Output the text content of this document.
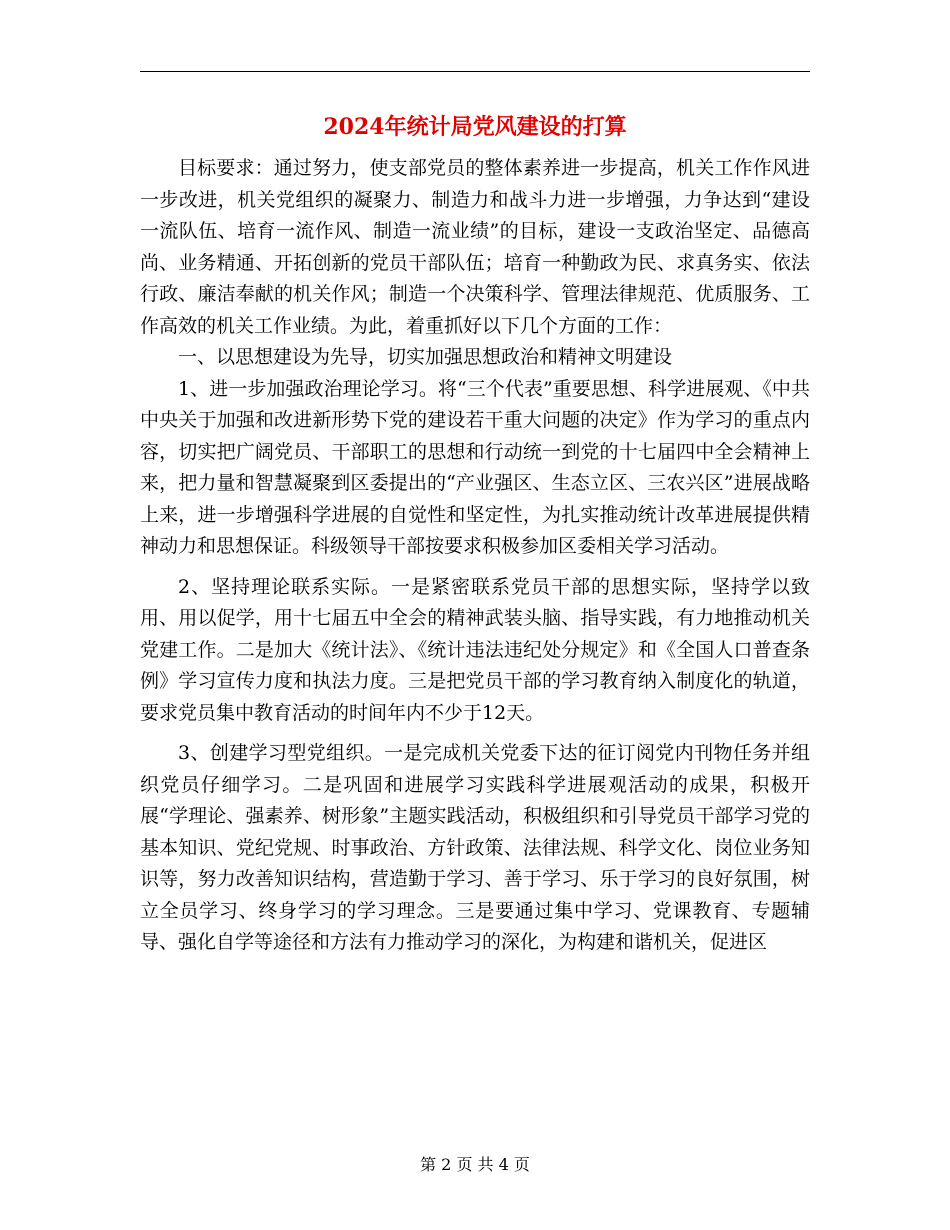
2024年统计局党风建设的打算

目标要求：通过努力，使支部党员的整体素养进一步提高，机关工作作风进一步改进，机关党组织的凝聚力、制造力和战斗力进一步增强，力争达到“建设一流队伍、培育一流作风、制造一流业绩”的目标，建设一支政治坚定、品德高尚、业务精通、开拓创新的党员干部队伍；培育一种勤政为民、求真务实、依法行政、廉洁奉献的机关作风；制造一个决策科学、管理法律规范、优质服务、工作高效的机关工作业绩。为此，着重抓好以下几个方面的工作：

一、以思想建设为先导，切实加强思想政治和精神文明建设

1、进一步加强政治理论学习。将“三个代表”重要思想、科学进展观、《中共中央关于加强和改进新形势下党的建设若干重大问题的决定》作为学习的重点内容，切实把广阔党员、干部职工的思想和行动统一到党的十七届四中全会精神上来，把力量和智慧凝聚到区委提出的“产业强区、生态立区、三农兴区”进展战略上来，进一步增强科学进展的自觉性和坚定性，为扎实推动统计改革进展提供精神动力和思想保证。科级领导干部按要求积极参加区委相关学习活动。

2、坚持理论联系实际。一是紧密联系党员干部的思想实际，坚持学以致用、用以促学，用十七届五中全会的精神武装头脑、指导实践，有力地推动机关党建工作。二是加大《统计法》、《统计违法违纪处分规定》和《全国人口普查条例》学习宣传力度和执法力度。三是把党员干部的学习教育纳入制度化的轨道，要求党员集中教育活动的时间年内不少于12天。

3、创建学习型党组织。一是完成机关党委下达的征订阅党内刊物任务并组织党员仔细学习。二是巩固和进展学习实践科学进展观活动的成果，积极开展“学理论、强素养、树形象”主题实践活动，积极组织和引导党员干部学习党的基本知识、党纪党规、时事政治、方针政策、法律法规、科学文化、岗位业务知识等，努力改善知识结构，营造勤于学习、善于学习、乐于学习的良好氛围，树立全员学习、终身学习的学习理念。三是要通过集中学习、党课教育、专题辅导、强化自学等途径和方法有力推动学习的深化，为构建和谐机关，促进区

第 2 页 共 4 页
